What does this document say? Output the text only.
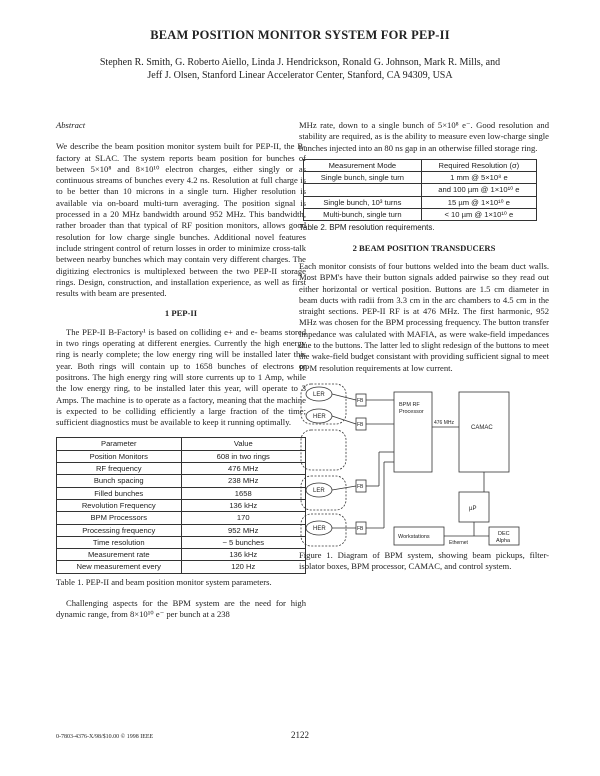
BEAM POSITION MONITOR SYSTEM FOR PEP-II
Stephen R. Smith, G. Roberto Aiello, Linda J. Hendrickson, Ronald G. Johnson, Mark R. Mills, and
Jeff J. Olsen, Stanford Linear Accelerator Center, Stanford, CA 94309, USA
Abstract

We describe the beam position monitor system built for PEP-II, the B-factory at SLAC. The system reports beam position for bunches of between 5×10⁸ and 8×10¹⁰ electron charges, either singly or as continuous streams of bunches every 4.2 ns. Resolution at full charge is to be better than 10 microns in a single turn. Higher resolution is available via on-board multi-turn averaging. The position signal is processed in a 20 MHz bandwidth around 952 MHz. This bandwidth, rather broader than that typical of RF position monitors, allows good resolution for low charge single bunches. Additional novel features include stringent control of return losses in order to minimize cross-talk between nearby bunches which may contain very different charges. The digitizing electronics is multiplexed between the two PEP-II storage rings. Design, construction, and installation experience, as well as first results with beam are presented.

1 PEP-II

The PEP-II B-Factory¹ is based on colliding e+ and e- beams stored in two rings operating at different energies. Currently the high energy ring is nearly complete; the low energy ring will be installed later this year. Both rings will contain up to 1658 bunches of electrons or positrons. The high energy ring will store currents up to 1 Amp, while the low energy ring, to be installed later this year, will operate to 3 Amps. The machine is to operate as a factory, meaning that the machine is expected to be colliding efficiently a large fraction of the time; sufficient diagnostics must be available to keep it running optimally.

Parameter	Value
Position Monitors	608 in two rings
RF frequency	476 MHz
Bunch spacing	238 MHz
Filled bunches	1658
Revolution Frequency	136 kHz
BPM Processors	170
Processing frequency	952 MHz
Time resolution	~ 5 bunches
Measurement rate	136 kHz
New measurement every	120 Hz

Table 1. PEP-II and beam position monitor system parameters.

Challenging aspects for the BPM system are the need for high dynamic range, from 8×10¹⁰ e⁻ per bunch at a 238

MHz rate, down to a single bunch of 5×10⁸ e⁻. Good resolution and stability are required, as is the ability to measure even low-charge single bunches injected into an 80 ns gap in an otherwise filled storage ring.

Measurement Mode	Required Resolution (σ)
Single bunch, single turn	1 mm @ 5×10⁸ e
	and 100 µm @ 1×10¹⁰ e
Single bunch, 10³ turns	15 µm @ 1×10¹⁰ e
Multi-bunch, single turn	< 10 µm @ 1×10¹⁰ e

Table 2. BPM resolution requirements.

2 BEAM POSITION TRANSDUCERS

Each monitor consists of four buttons welded into the beam duct walls. Most BPM's have their button signals added pairwise so they read out either horizontal or vertical position. Buttons are 1.5 cm diameter in beam ducts with radii from 3.3 cm in the arc chambers to 4.5 cm in the straight sections. PEP-II RF is at 476 MHz. The first harmonic, 952 MHz was chosen for the BPM processing frequency. The button transfer impedance was calulated with MAFIA, as were wake-field impedances due to the buttons. The latter led to slight redesign of the buttons to meet the wake-field budget consistant with providing sufficient signal to meet BPM resolution requirements at low current.

LER
HER
LER
HER
FB
FB
FB
FB
BPM RF
Processor
476 MHz
CAMAC
µP
Workstations
Ethernet
DEC
Alpha

Figure 1. Diagram of BPM system, showing beam pickups, filter-isolator boxes, BPM processor, CAMAC, and control system.

0-7803-4376-X/98/$10.00 © 1998 IEEE	2122
